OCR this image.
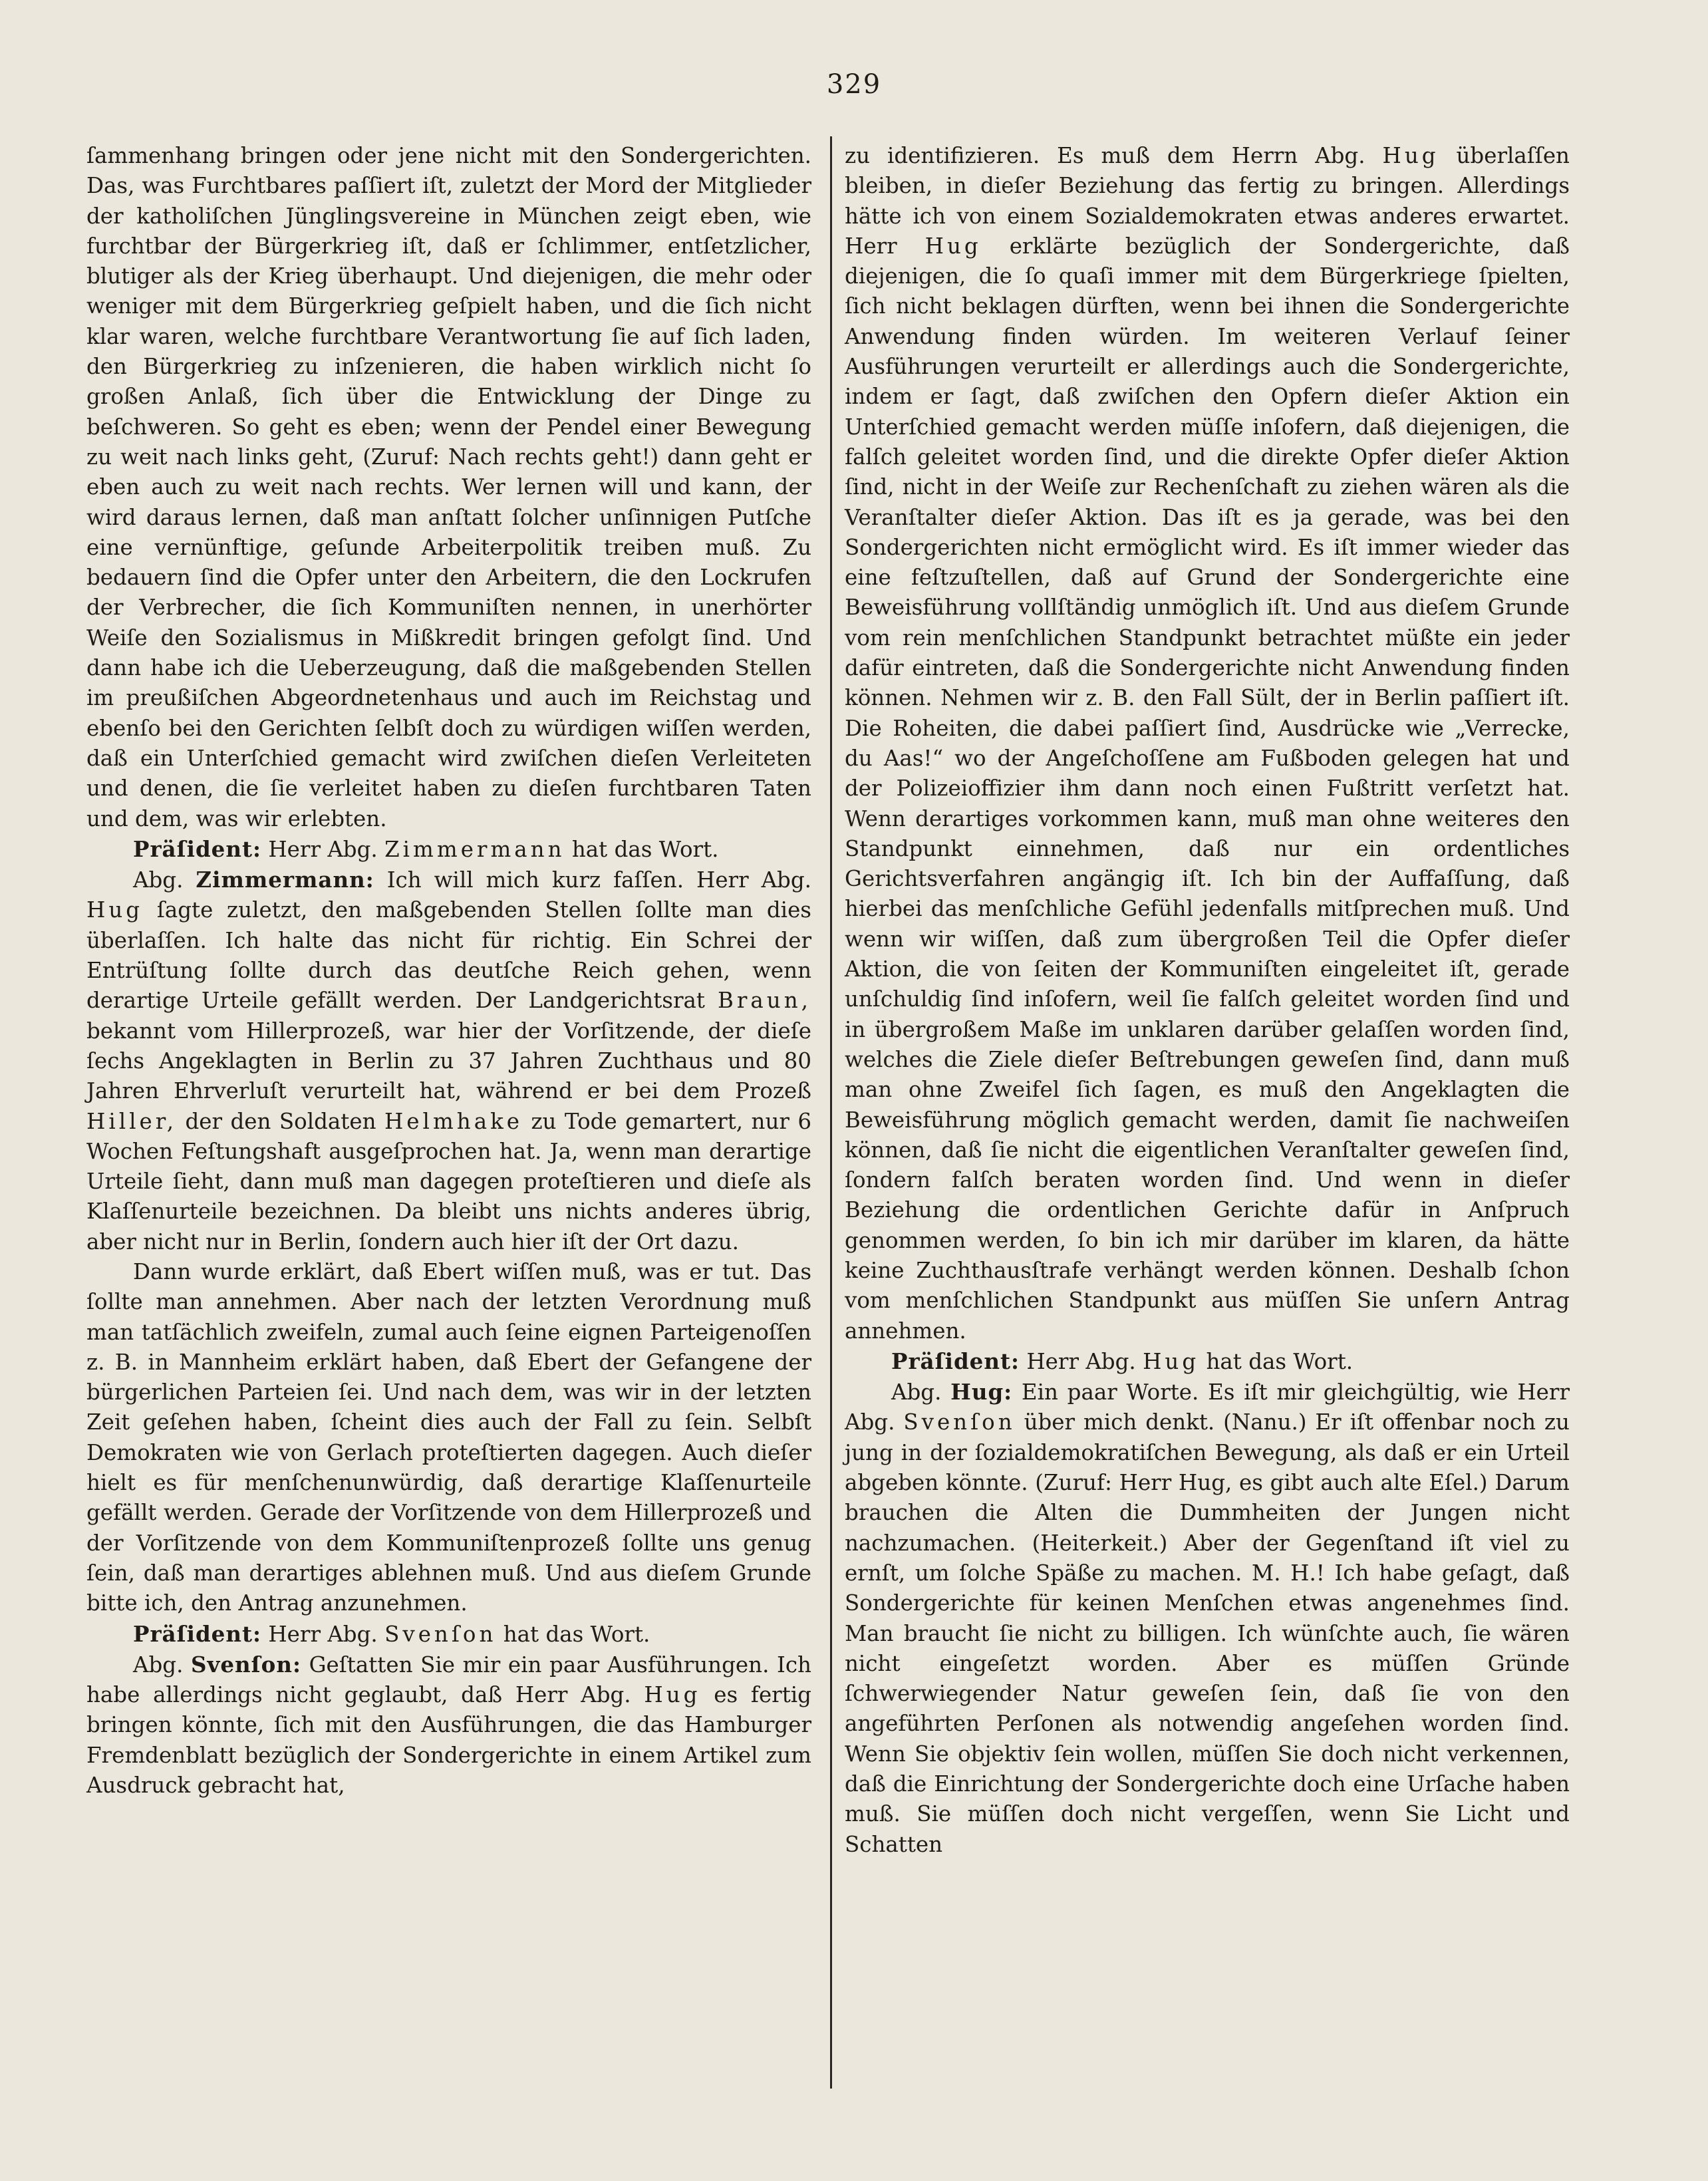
329

ſammenhang bringen oder jene nicht mit den Sondergerichten. Das, was Furchtbares paſſiert iſt, zuletzt der Mord der Mitglieder der katholiſchen Jünglingsvereine in München zeigt eben, wie furchtbar der Bürgerkrieg iſt, daß er ſchlimmer, entſetzlicher, blutiger als der Krieg überhaupt. Und diejenigen, die mehr oder weniger mit dem Bürgerkrieg geſpielt haben, und die ſich nicht klar waren, welche furchtbare Verantwortung ſie auf ſich laden, den Bürgerkrieg zu inſzenieren, die haben wirklich nicht ſo großen Anlaß, ſich über die Entwicklung der Dinge zu beſchweren. So geht es eben; wenn der Pendel einer Bewegung zu weit nach links geht, (Zuruf: Nach rechts geht!) dann geht er eben auch zu weit nach rechts. Wer lernen will und kann, der wird daraus lernen, daß man anſtatt ſolcher unſinnigen Putſche eine vernünftige, geſunde Arbeiterpolitik treiben muß. Zu bedauern ſind die Opfer unter den Arbeitern, die den Lockrufen der Verbrecher, die ſich Kommuniſten nennen, in unerhörter Weiſe den Sozialismus in Mißkredit bringen gefolgt ſind. Und dann habe ich die Ueberzeugung, daß die maßgebenden Stellen im preußiſchen Abgeordnetenhaus und auch im Reichstag und ebenſo bei den Gerichten ſelbſt doch zu würdigen wiſſen werden, daß ein Unterſchied gemacht wird zwiſchen dieſen Verleiteten und denen, die ſie verleitet haben zu dieſen furchtbaren Taten und dem, was wir erlebten.

Präſident: Herr Abg. Zimmermann hat das Wort.

Abg. Zimmermann: Ich will mich kurz faſſen. Herr Abg. Hug ſagte zuletzt, den maßgebenden Stellen ſollte man dies überlaſſen. Ich halte das nicht für richtig. Ein Schrei der Entrüſtung ſollte durch das deutſche Reich gehen, wenn derartige Urteile gefällt werden. Der Landgerichtsrat Braun, bekannt vom Hillerprozeß, war hier der Vorſitzende, der dieſe ſechs Angeklagten in Berlin zu 37 Jahren Zuchthaus und 80 Jahren Ehrverluſt verurteilt hat, während er bei dem Prozeß Hiller, der den Soldaten Helmhake zu Tode gemartert, nur 6 Wochen Feſtungshaft ausgeſprochen hat. Ja, wenn man derartige Urteile ſieht, dann muß man dagegen proteſtieren und dieſe als Klaſſenurteile bezeichnen. Da bleibt uns nichts anderes übrig, aber nicht nur in Berlin, ſondern auch hier iſt der Ort dazu.

Dann wurde erklärt, daß Ebert wiſſen muß, was er tut. Das ſollte man annehmen. Aber nach der letzten Verordnung muß man tatſächlich zweifeln, zumal auch ſeine eignen Parteigenoſſen z. B. in Mannheim erklärt haben, daß Ebert der Gefangene der bürgerlichen Parteien ſei. Und nach dem, was wir in der letzten Zeit geſehen haben, ſcheint dies auch der Fall zu ſein. Selbſt Demokraten wie von Gerlach proteſtierten dagegen. Auch dieſer hielt es für menſchenunwürdig, daß derartige Klaſſenurteile gefällt werden. Gerade der Vorſitzende von dem Hillerprozeß und der Vorſitzende von dem Kommuniſtenprozeß ſollte uns genug ſein, daß man derartiges ablehnen muß. Und aus dieſem Grunde bitte ich, den Antrag anzunehmen.

Präſident: Herr Abg. Svenſon hat das Wort.

Abg. Svenſon: Geſtatten Sie mir ein paar Ausführungen. Ich habe allerdings nicht geglaubt, daß Herr Abg. Hug es fertig bringen könnte, ſich mit den Ausführungen, die das Hamburger Fremdenblatt bezüglich der Sondergerichte in einem Artikel zum Ausdruck gebracht hat,

zu identifizieren. Es muß dem Herrn Abg. Hug überlaſſen bleiben, in dieſer Beziehung das fertig zu bringen. Allerdings hätte ich von einem Sozialdemokraten etwas anderes erwartet. Herr Hug erklärte bezüglich der Sondergerichte, daß diejenigen, die ſo quaſi immer mit dem Bürgerkriege ſpielten, ſich nicht beklagen dürften, wenn bei ihnen die Sondergerichte Anwendung finden würden. Im weiteren Verlauf ſeiner Ausführungen verurteilt er allerdings auch die Sondergerichte, indem er ſagt, daß zwiſchen den Opfern dieſer Aktion ein Unterſchied gemacht werden müſſe inſofern, daß diejenigen, die falſch geleitet worden ſind, und die direkte Opfer dieſer Aktion ſind, nicht in der Weiſe zur Rechenſchaft zu ziehen wären als die Veranſtalter dieſer Aktion. Das iſt es ja gerade, was bei den Sondergerichten nicht ermöglicht wird. Es iſt immer wieder das eine feſtzuſtellen, daß auf Grund der Sondergerichte eine Beweisführung vollſtändig unmöglich iſt. Und aus dieſem Grunde vom rein menſchlichen Standpunkt betrachtet müßte ein jeder dafür eintreten, daß die Sondergerichte nicht Anwendung finden können. Nehmen wir z. B. den Fall Sült, der in Berlin paſſiert iſt. Die Roheiten, die dabei paſſiert ſind, Ausdrücke wie „Verrecke, du Aas!“ wo der Angeſchoſſene am Fußboden gelegen hat und der Polizeioffizier ihm dann noch einen Fußtritt verſetzt hat. Wenn derartiges vorkommen kann, muß man ohne weiteres den Standpunkt einnehmen, daß nur ein ordentliches Gerichtsverfahren angängig iſt. Ich bin der Auffaſſung, daß hierbei das menſchliche Gefühl jedenfalls mitſprechen muß. Und wenn wir wiſſen, daß zum übergroßen Teil die Opfer dieſer Aktion, die von ſeiten der Kommuniſten eingeleitet iſt, gerade unſchuldig ſind inſofern, weil ſie falſch geleitet worden ſind und in übergroßem Maße im unklaren darüber gelaſſen worden ſind, welches die Ziele dieſer Beſtrebungen geweſen ſind, dann muß man ohne Zweifel ſich ſagen, es muß den Angeklagten die Beweisführung möglich gemacht werden, damit ſie nachweiſen können, daß ſie nicht die eigentlichen Veranſtalter geweſen ſind, ſondern falſch beraten worden ſind. Und wenn in dieſer Beziehung die ordentlichen Gerichte dafür in Anſpruch genommen werden, ſo bin ich mir darüber im klaren, da hätte keine Zuchthausſtrafe verhängt werden können. Deshalb ſchon vom menſchlichen Standpunkt aus müſſen Sie unſern Antrag annehmen.

Präſident: Herr Abg. Hug hat das Wort.

Abg. Hug: Ein paar Worte. Es iſt mir gleichgültig, wie Herr Abg. Svenſon über mich denkt. (Nanu.) Er iſt offenbar noch zu jung in der ſozialdemokratiſchen Bewegung, als daß er ein Urteil abgeben könnte. (Zuruf: Herr Hug, es gibt auch alte Eſel.) Darum brauchen die Alten die Dummheiten der Jungen nicht nachzumachen. (Heiterkeit.) Aber der Gegenſtand iſt viel zu ernſt, um ſolche Späße zu machen. M. H.! Ich habe geſagt, daß Sondergerichte für keinen Menſchen etwas angenehmes ſind. Man braucht ſie nicht zu billigen. Ich wünſchte auch, ſie wären nicht eingeſetzt worden. Aber es müſſen Gründe ſchwerwiegender Natur geweſen ſein, daß ſie von den angeführten Perſonen als notwendig angeſehen worden ſind. Wenn Sie objektiv ſein wollen, müſſen Sie doch nicht verkennen, daß die Einrichtung der Sondergerichte doch eine Urſache haben muß. Sie müſſen doch nicht vergeſſen, wenn Sie Licht und Schatten
